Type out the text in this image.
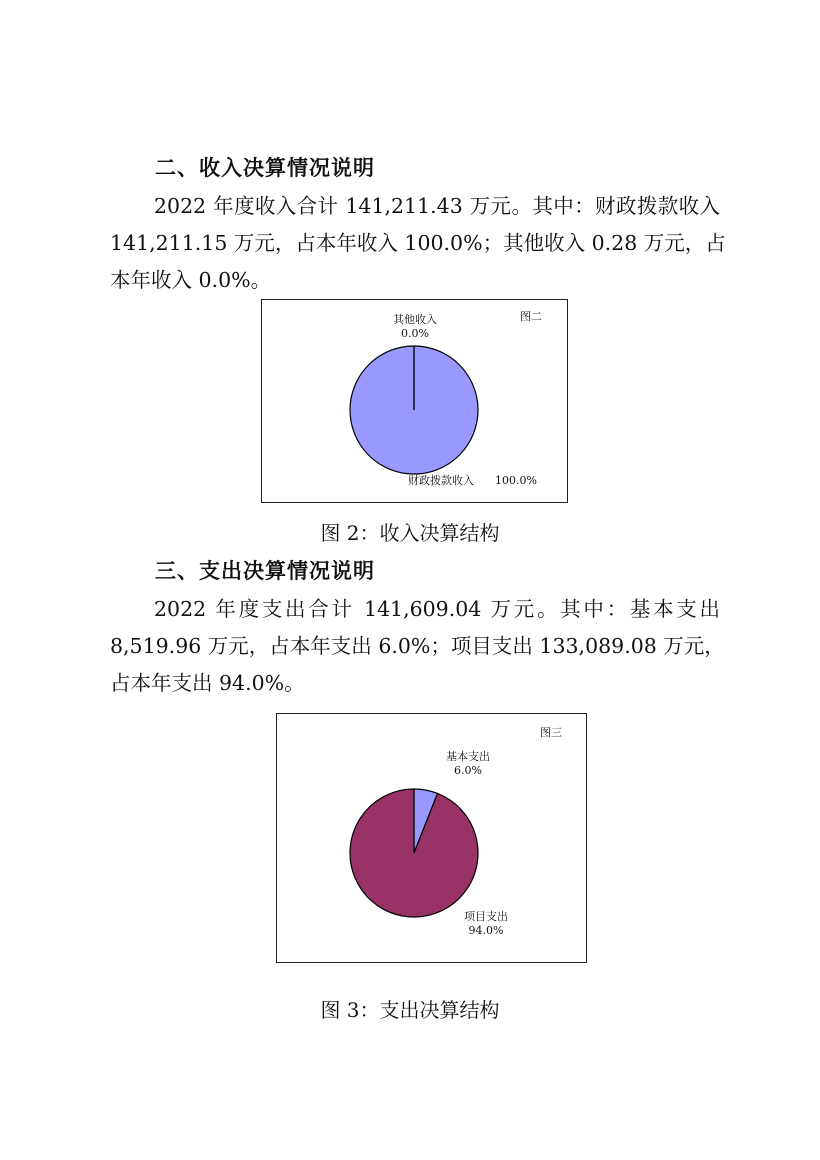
二、收入决算情况说明
2022 年度收入合计 141,211.43 万元。其中：财政拨款收入
141,211.15 万元，占本年收入 100.0%；其他收入 0.28 万元，占
本年收入 0.0%。
图二
其他收入
0.0%
财政拨款收入 100.0%
图 2：收入决算结构
三、支出决算情况说明
2022 年度支出合计 141,609.04 万元。其中：基本支出
8,519.96 万元，占本年支出 6.0%；项目支出 133,089.08 万元，
占本年支出 94.0%。
图三
基本支出
6.0%
项目支出
94.0%
图 3：支出决算结构
